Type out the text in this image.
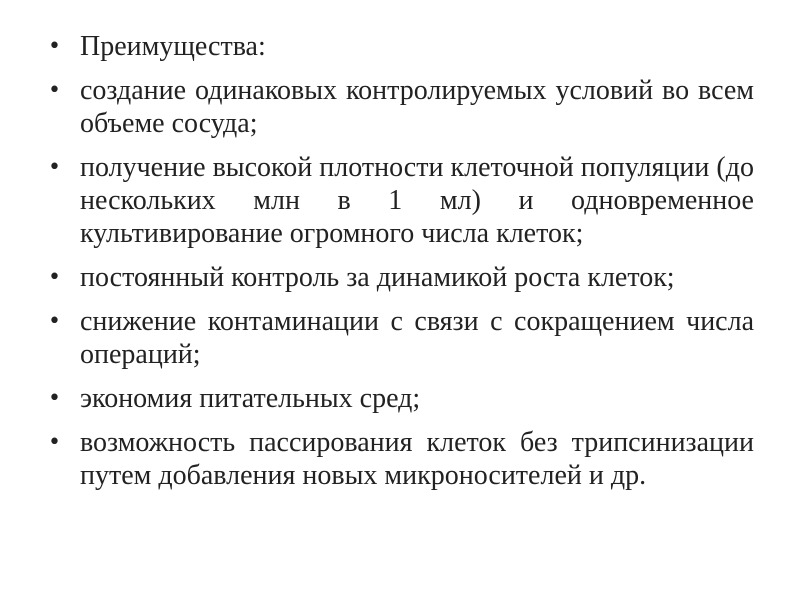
• Преимущества:
• создание одинаковых контролируемых условий во всем объеме сосуда;
• получение высокой плотности клеточной популяции (до нескольких млн в 1 мл) и одновременное культивирование огромного числа клеток;
• постоянный контроль за динамикой роста клеток;
• снижение контаминации с связи с сокращением числа операций;
• экономия питательных сред;
• возможность пассирования клеток без трипсинизации путем добавления новых микроносителей и др.
